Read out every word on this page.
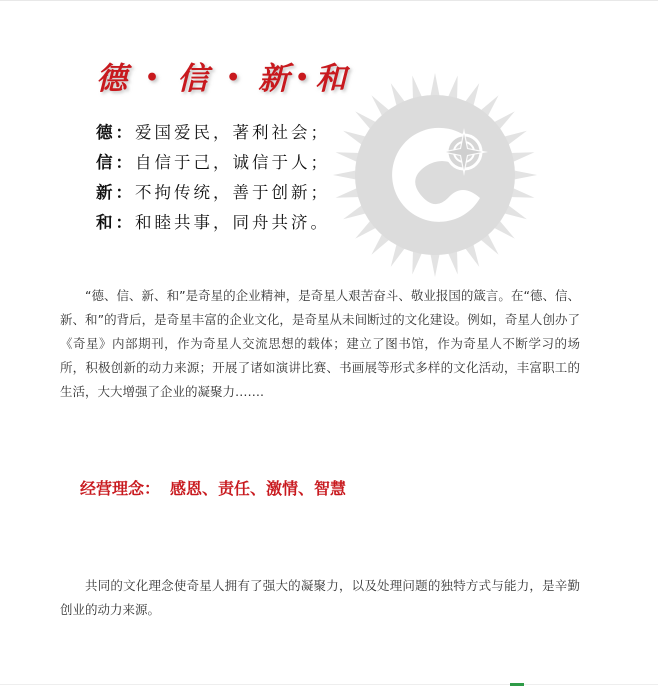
德 • 信 • 新 • 和
德：爱国爱民，著利社会；
信：自信于己，诚信于人；
新：不拘传统，善于创新；
和：和睦共事，同舟共济。

“德、信、新、和”是奇星的企业精神，是奇星人艰苦奋斗、敬业报国的箴言。在“德、信、新、和”的背后，是奇星丰富的企业文化，是奇星从未间断过的文化建设。例如，奇星人创办了《奇星》内部期刊，作为奇星人交流思想的载体；建立了图书馆，作为奇星人不断学习的场所，积极创新的动力来源；开展了诸如演讲比赛、书画展等形式多样的文化活动，丰富职工的生活，大大增强了企业的凝聚力…….

经营理念： 感恩、责任、激情、智慧

共同的文化理念使奇星人拥有了强大的凝聚力，以及处理问题的独特方式与能力，是辛勤创业的动力来源。
